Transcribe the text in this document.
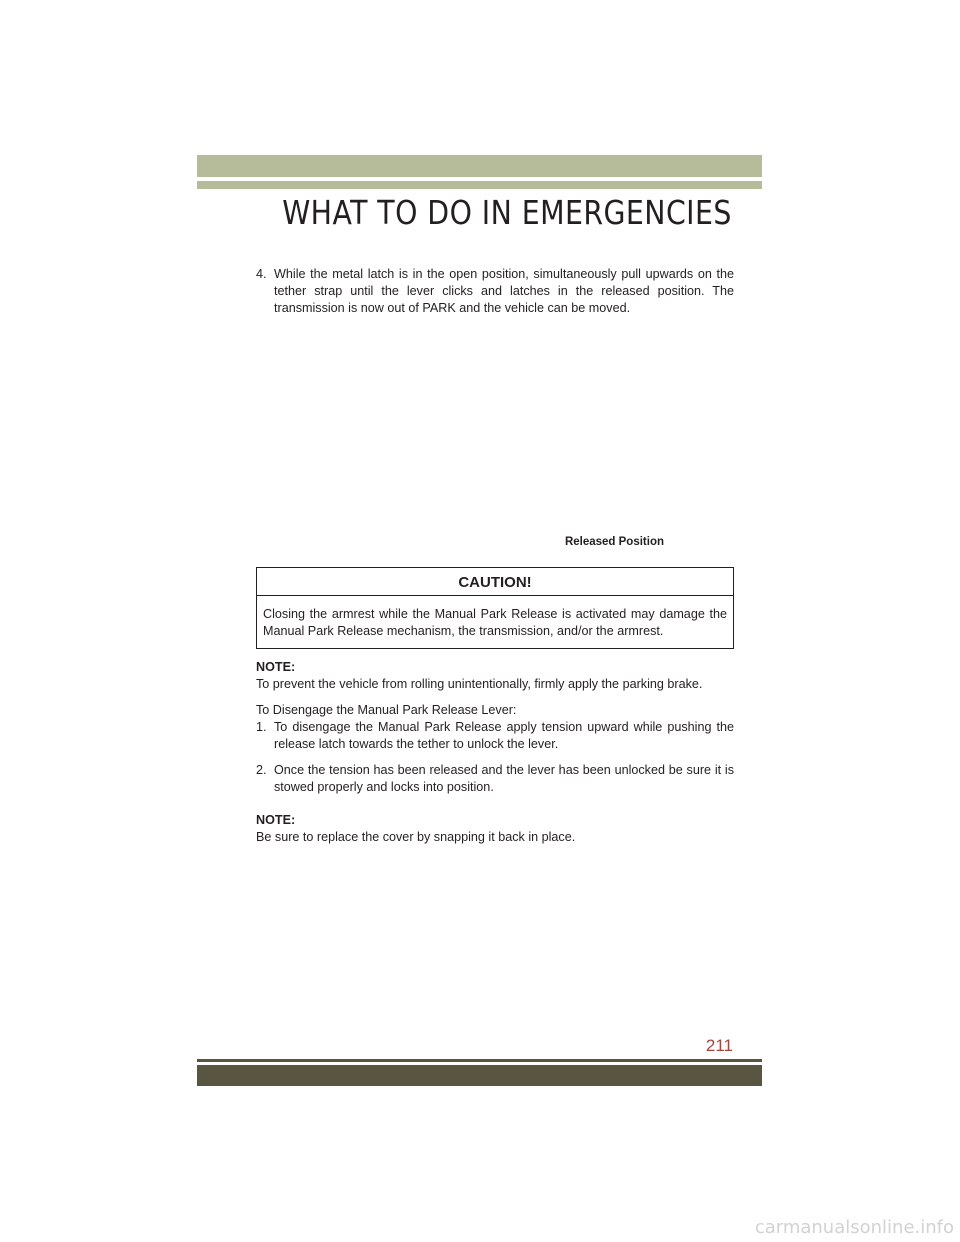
WHAT TO DO IN EMERGENCIES
4. While the metal latch is in the open position, simultaneously pull upwards on the tether strap until the lever clicks and latches in the released position. The transmission is now out of PARK and the vehicle can be moved.
Released Position
CAUTION!
Closing the armrest while the Manual Park Release is activated may damage the Manual Park Release mechanism, the transmission, and/or the armrest.
NOTE:
To prevent the vehicle from rolling unintentionally, firmly apply the parking brake.
To Disengage the Manual Park Release Lever:
1. To disengage the Manual Park Release apply tension upward while pushing the release latch towards the tether to unlock the lever.
2. Once the tension has been released and the lever has been unlocked be sure it is stowed properly and locks into position.
NOTE:
Be sure to replace the cover by snapping it back in place.
211
carmanualsonline.info
